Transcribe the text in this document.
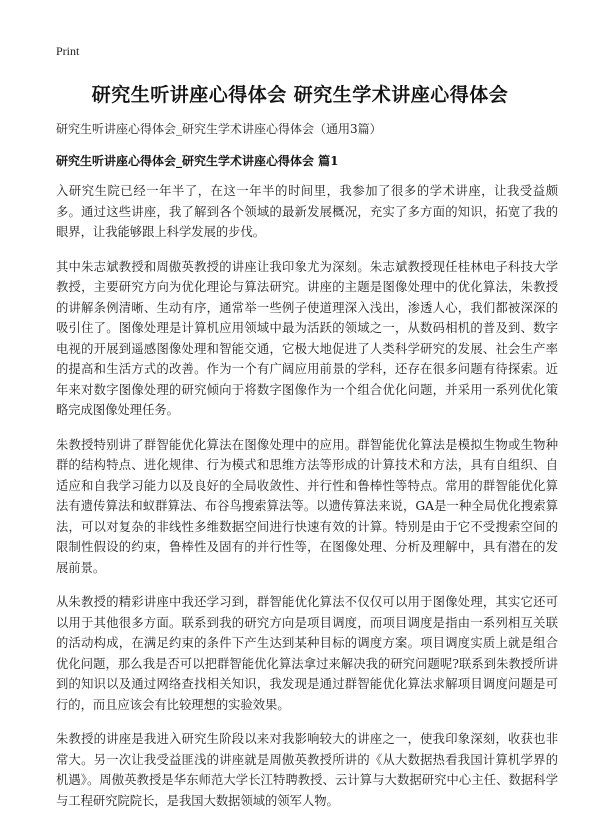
Print
研究生听讲座心得体会 研究生学术讲座心得体会

研究生听讲座心得体会_研究生学术讲座心得体会（通用3篇）

研究生听讲座心得体会_研究生学术讲座心得体会 篇1

入研究生院已经一年半了，在这一年半的时间里，我参加了很多的学术讲座，让我受益颇多。通过这些讲座，我了解到各个领域的最新发展概况，充实了多方面的知识，拓宽了我的眼界，让我能够跟上科学发展的步伐。

其中朱志斌教授和周傲英教授的讲座让我印象尤为深刻。朱志斌教授现任桂林电子科技大学教授，主要研究方向为优化理论与算法研究。讲座的主题是图像处理中的优化算法，朱教授的讲解条例清晰、生动有序，通常举一些例子使道理深入浅出，渗透人心，我们都被深深的吸引住了。图像处理是计算机应用领域中最为活跃的领域之一，从数码相机的普及到、数字电视的开展到遥感图像处理和智能交通，它极大地促进了人类科学研究的发展、社会生产率的提高和生活方式的改善。作为一个有广阔应用前景的学科，还存在很多问题有待探索。近年来对数字图像处理的研究倾向于将数字图像作为一个组合优化问题，并采用一系列优化策略完成图像处理任务。

朱教授特别讲了群智能优化算法在图像处理中的应用。群智能优化算法是模拟生物或生物种群的结构特点、进化规律、行为模式和思维方法等形成的计算技术和方法，具有自组织、自适应和自我学习能力以及良好的全局收敛性、并行性和鲁棒性等特点。常用的群智能优化算法有遗传算法和蚁群算法、布谷鸟搜索算法等。以遗传算法来说，GA是一种全局优化搜索算法，可以对复杂的非线性多维数据空间进行快速有效的计算。特别是由于它不受搜索空间的限制性假设的约束，鲁棒性及固有的并行性等，在图像处理、分析及理解中，具有潜在的发展前景。

从朱教授的精彩讲座中我还学习到，群智能优化算法不仅仅可以用于图像处理，其实它还可以用于其他很多方面。联系到我的研究方向是项目调度，而项目调度是指由一系列相互关联的活动构成，在满足约束的条件下产生达到某种目标的调度方案。项目调度实质上就是组合优化问题，那么我是否可以把群智能优化算法拿过来解决我的研究问题呢?联系到朱教授所讲到的知识以及通过网络查找相关知识，我发现是通过群智能优化算法求解项目调度问题是可行的，而且应该会有比较理想的实验效果。

朱教授的讲座是我进入研究生阶段以来对我影响较大的讲座之一，使我印象深刻，收获也非常大。另一次让我受益匪浅的讲座就是周傲英教授所讲的《从大数据热看我国计算机学界的机遇》。周傲英教授是华东师范大学长江特聘教授、云计算与大数据研究中心主任、数据科学与工程研究院院长，是我国大数据领域的领军人物。
